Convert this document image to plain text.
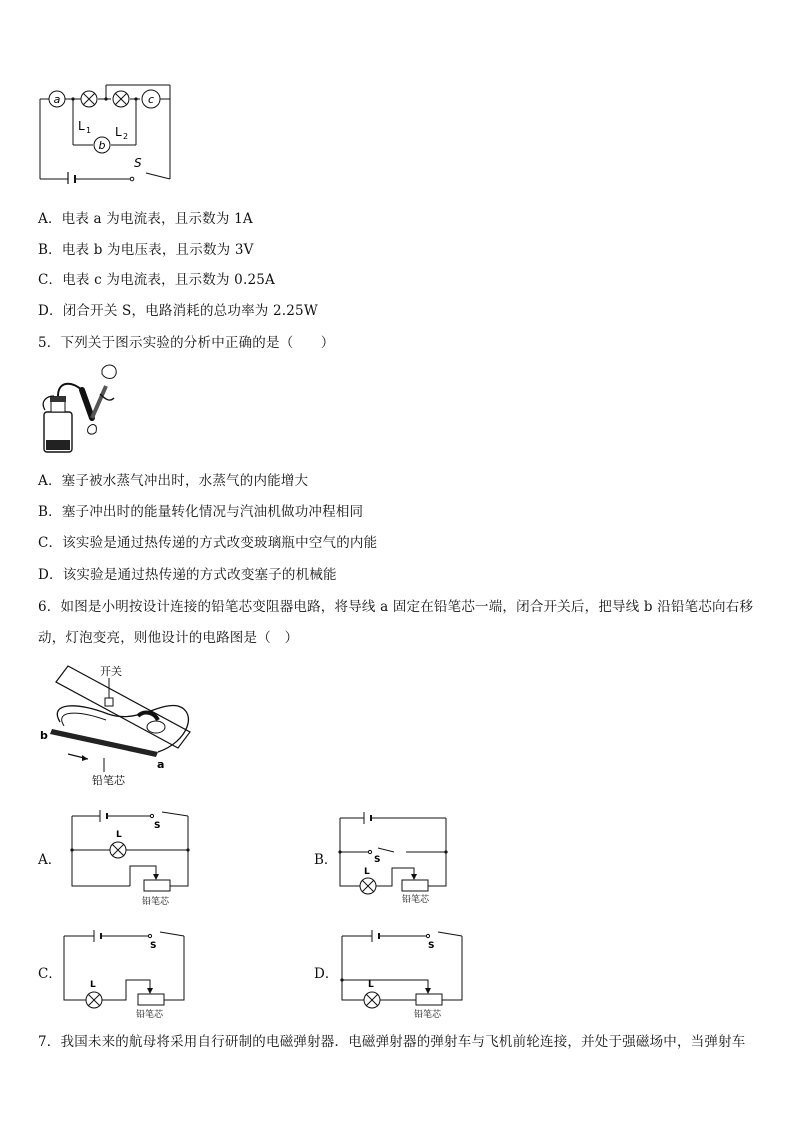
a	c
b
L 1 L 2
S
A．电表 a 为电流表，且示数为 1A
B．电表 b 为电压表，且示数为 3V
C．电表 c 为电流表，且示数为 0.25A
D．闭合开关 S，电路消耗的总功率为 2.25W
5．下列关于图示实验的分析中正确的是（　　）
A．塞子被水蒸气冲出时，水蒸气的内能增大
B．塞子冲出时的能量转化情况与汽油机做功冲程相同
C．该实验是通过热传递的方式改变玻璃瓶中空气的内能
D．该实验是通过热传递的方式改变塞子的机械能
6．如图是小明按设计连接的铅笔芯变阻器电路，将导线 a 固定在铅笔芯一端，闭合开关后，把导线 b 沿铅笔芯向右移
动，灯泡变亮，则他设计的电路图是（　）
开关
b
a
铅笔芯
A．	B．
C．	D．
L
S
铅笔芯
L
S
铅笔芯
L
S
铅笔芯
L
S
铅笔芯
7．我国未来的航母将采用自行研制的电磁弹射器．电磁弹射器的弹射车与飞机前轮连接，并处于强磁场中，当弹射车
